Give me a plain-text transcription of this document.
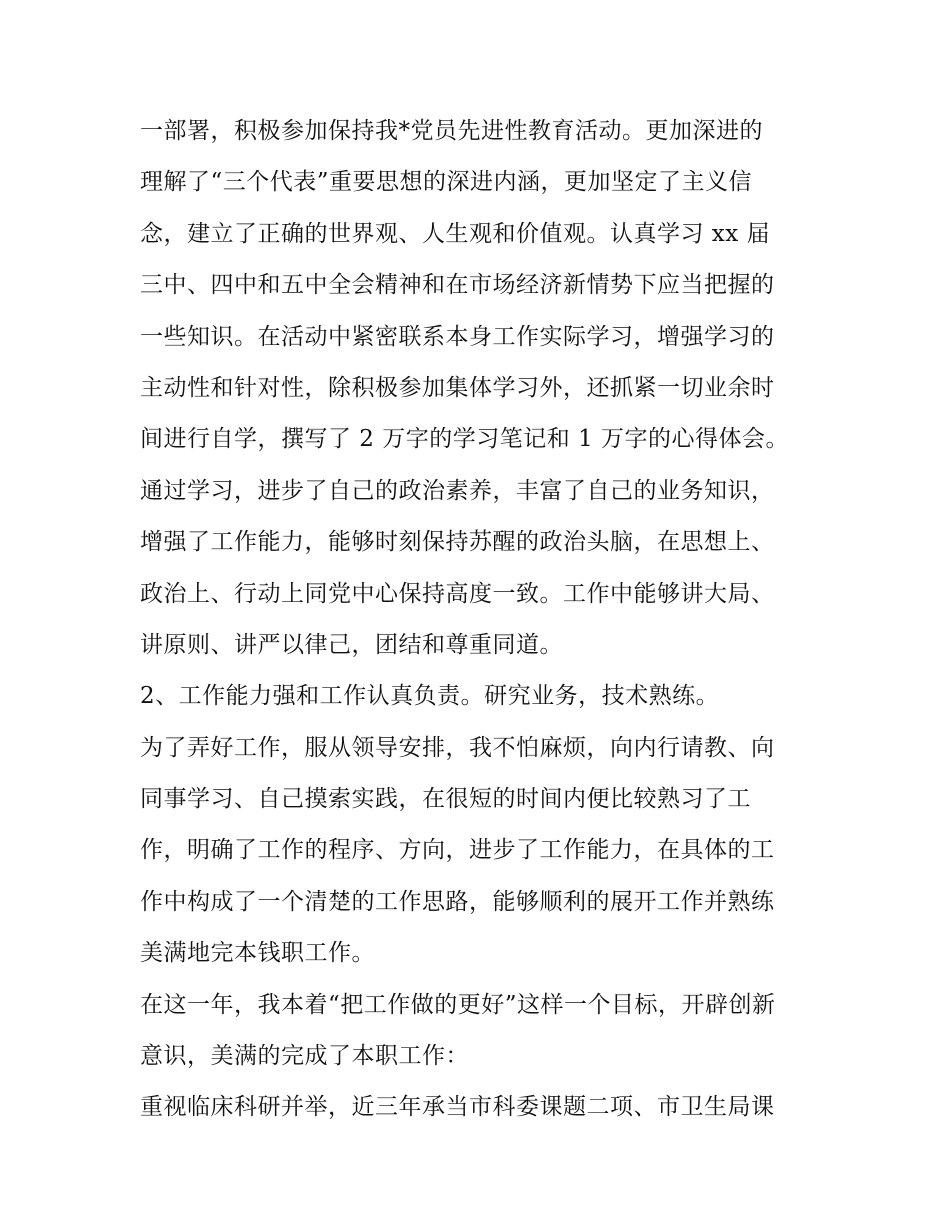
一部署，积极参加保持我*党员先进性教育活动。更加深进的
理解了“三个代表”重要思想的深进内涵，更加坚定了主义信
念，建立了正确的世界观、人生观和价值观。认真学习 xx 届
三中、四中和五中全会精神和在市场经济新情势下应当把握的
一些知识。在活动中紧密联系本身工作实际学习，增强学习的
主动性和针对性，除积极参加集体学习外，还抓紧一切业余时
间进行自学，撰写了 2 万字的学习笔记和 1 万字的心得体会。
通过学习，进步了自己的政治素养，丰富了自己的业务知识，
增强了工作能力，能够时刻保持苏醒的政治头脑，在思想上、
政治上、行动上同党中心保持高度一致。工作中能够讲大局、
讲原则、讲严以律己，团结和尊重同道。
2、工作能力强和工作认真负责。研究业务，技术熟练。
为了弄好工作，服从领导安排，我不怕麻烦，向内行请教、向
同事学习、自己摸索实践，在很短的时间内便比较熟习了工
作，明确了工作的程序、方向，进步了工作能力，在具体的工
作中构成了一个清楚的工作思路，能够顺利的展开工作并熟练
美满地完本钱职工作。
在这一年，我本着“把工作做的更好”这样一个目标，开辟创新
意识，美满的完成了本职工作：
重视临床科研并举，近三年承当市科委课题二项、市卫生局课
